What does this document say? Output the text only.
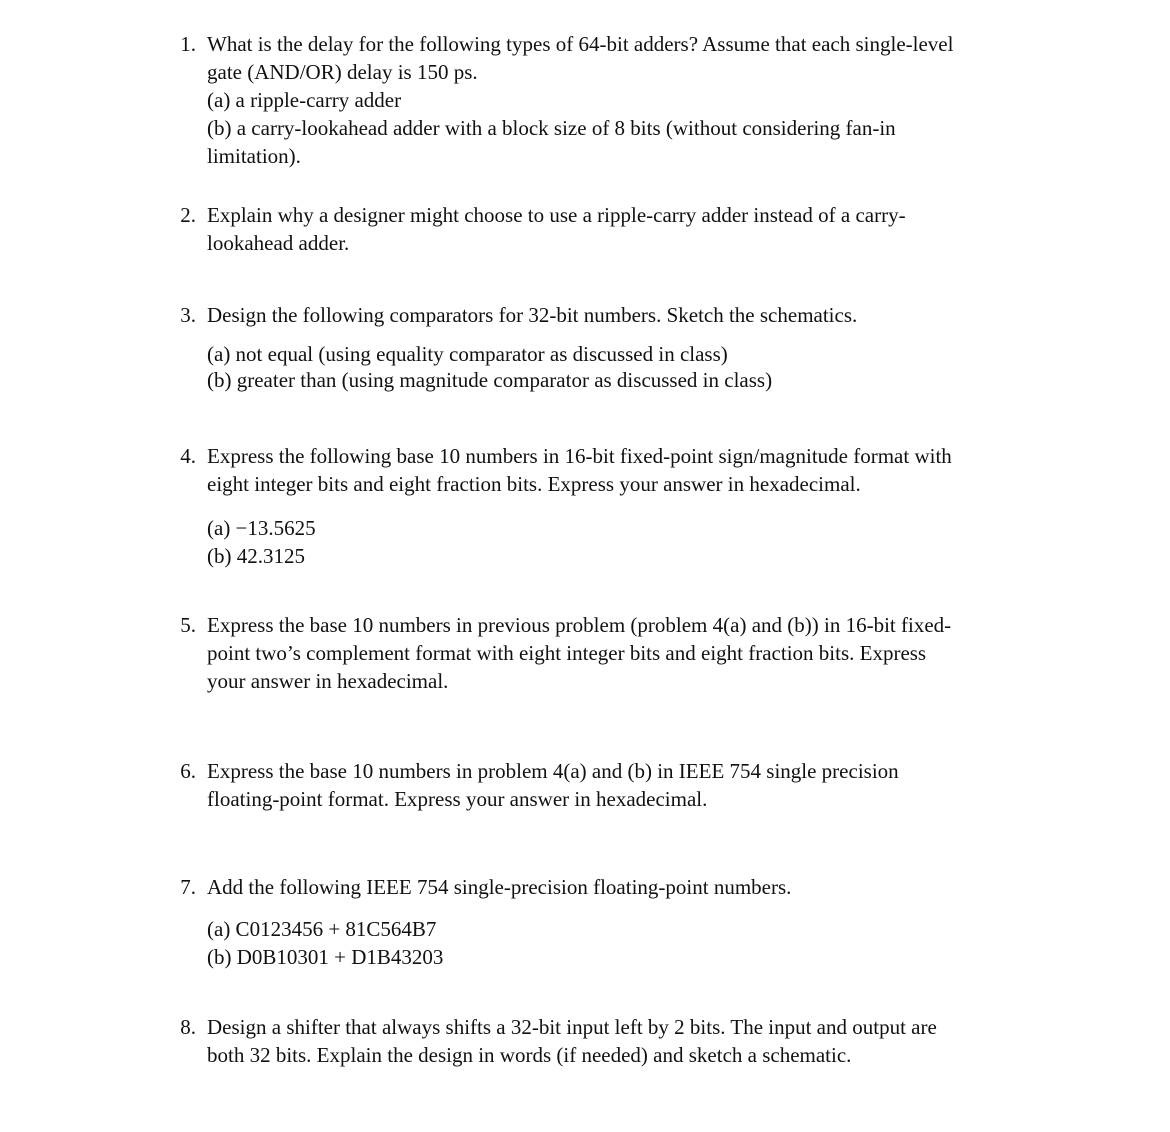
1. What is the delay for the following types of 64-bit adders? Assume that each single-level
gate (AND/OR) delay is 150 ps.
(a) a ripple-carry adder
(b) a carry-lookahead adder with a block size of 8 bits (without considering fan-in
limitation).
2. Explain why a designer might choose to use a ripple-carry adder instead of a carry-
lookahead adder.
3. Design the following comparators for 32-bit numbers. Sketch the schematics.
(a) not equal (using equality comparator as discussed in class)
(b) greater than (using magnitude comparator as discussed in class)
4. Express the following base 10 numbers in 16-bit fixed-point sign/magnitude format with
eight integer bits and eight fraction bits. Express your answer in hexadecimal.
(a) −13.5625
(b) 42.3125
5. Express the base 10 numbers in previous problem (problem 4(a) and (b)) in 16-bit fixed-
point two’s complement format with eight integer bits and eight fraction bits. Express
your answer in hexadecimal.
6. Express the base 10 numbers in problem 4(a) and (b) in IEEE 754 single precision
floating-point format. Express your answer in hexadecimal.
7. Add the following IEEE 754 single-precision floating-point numbers.
(a) C0123456 + 81C564B7
(b) D0B10301 + D1B43203
8. Design a shifter that always shifts a 32-bit input left by 2 bits. The input and output are
both 32 bits. Explain the design in words (if needed) and sketch a schematic.
